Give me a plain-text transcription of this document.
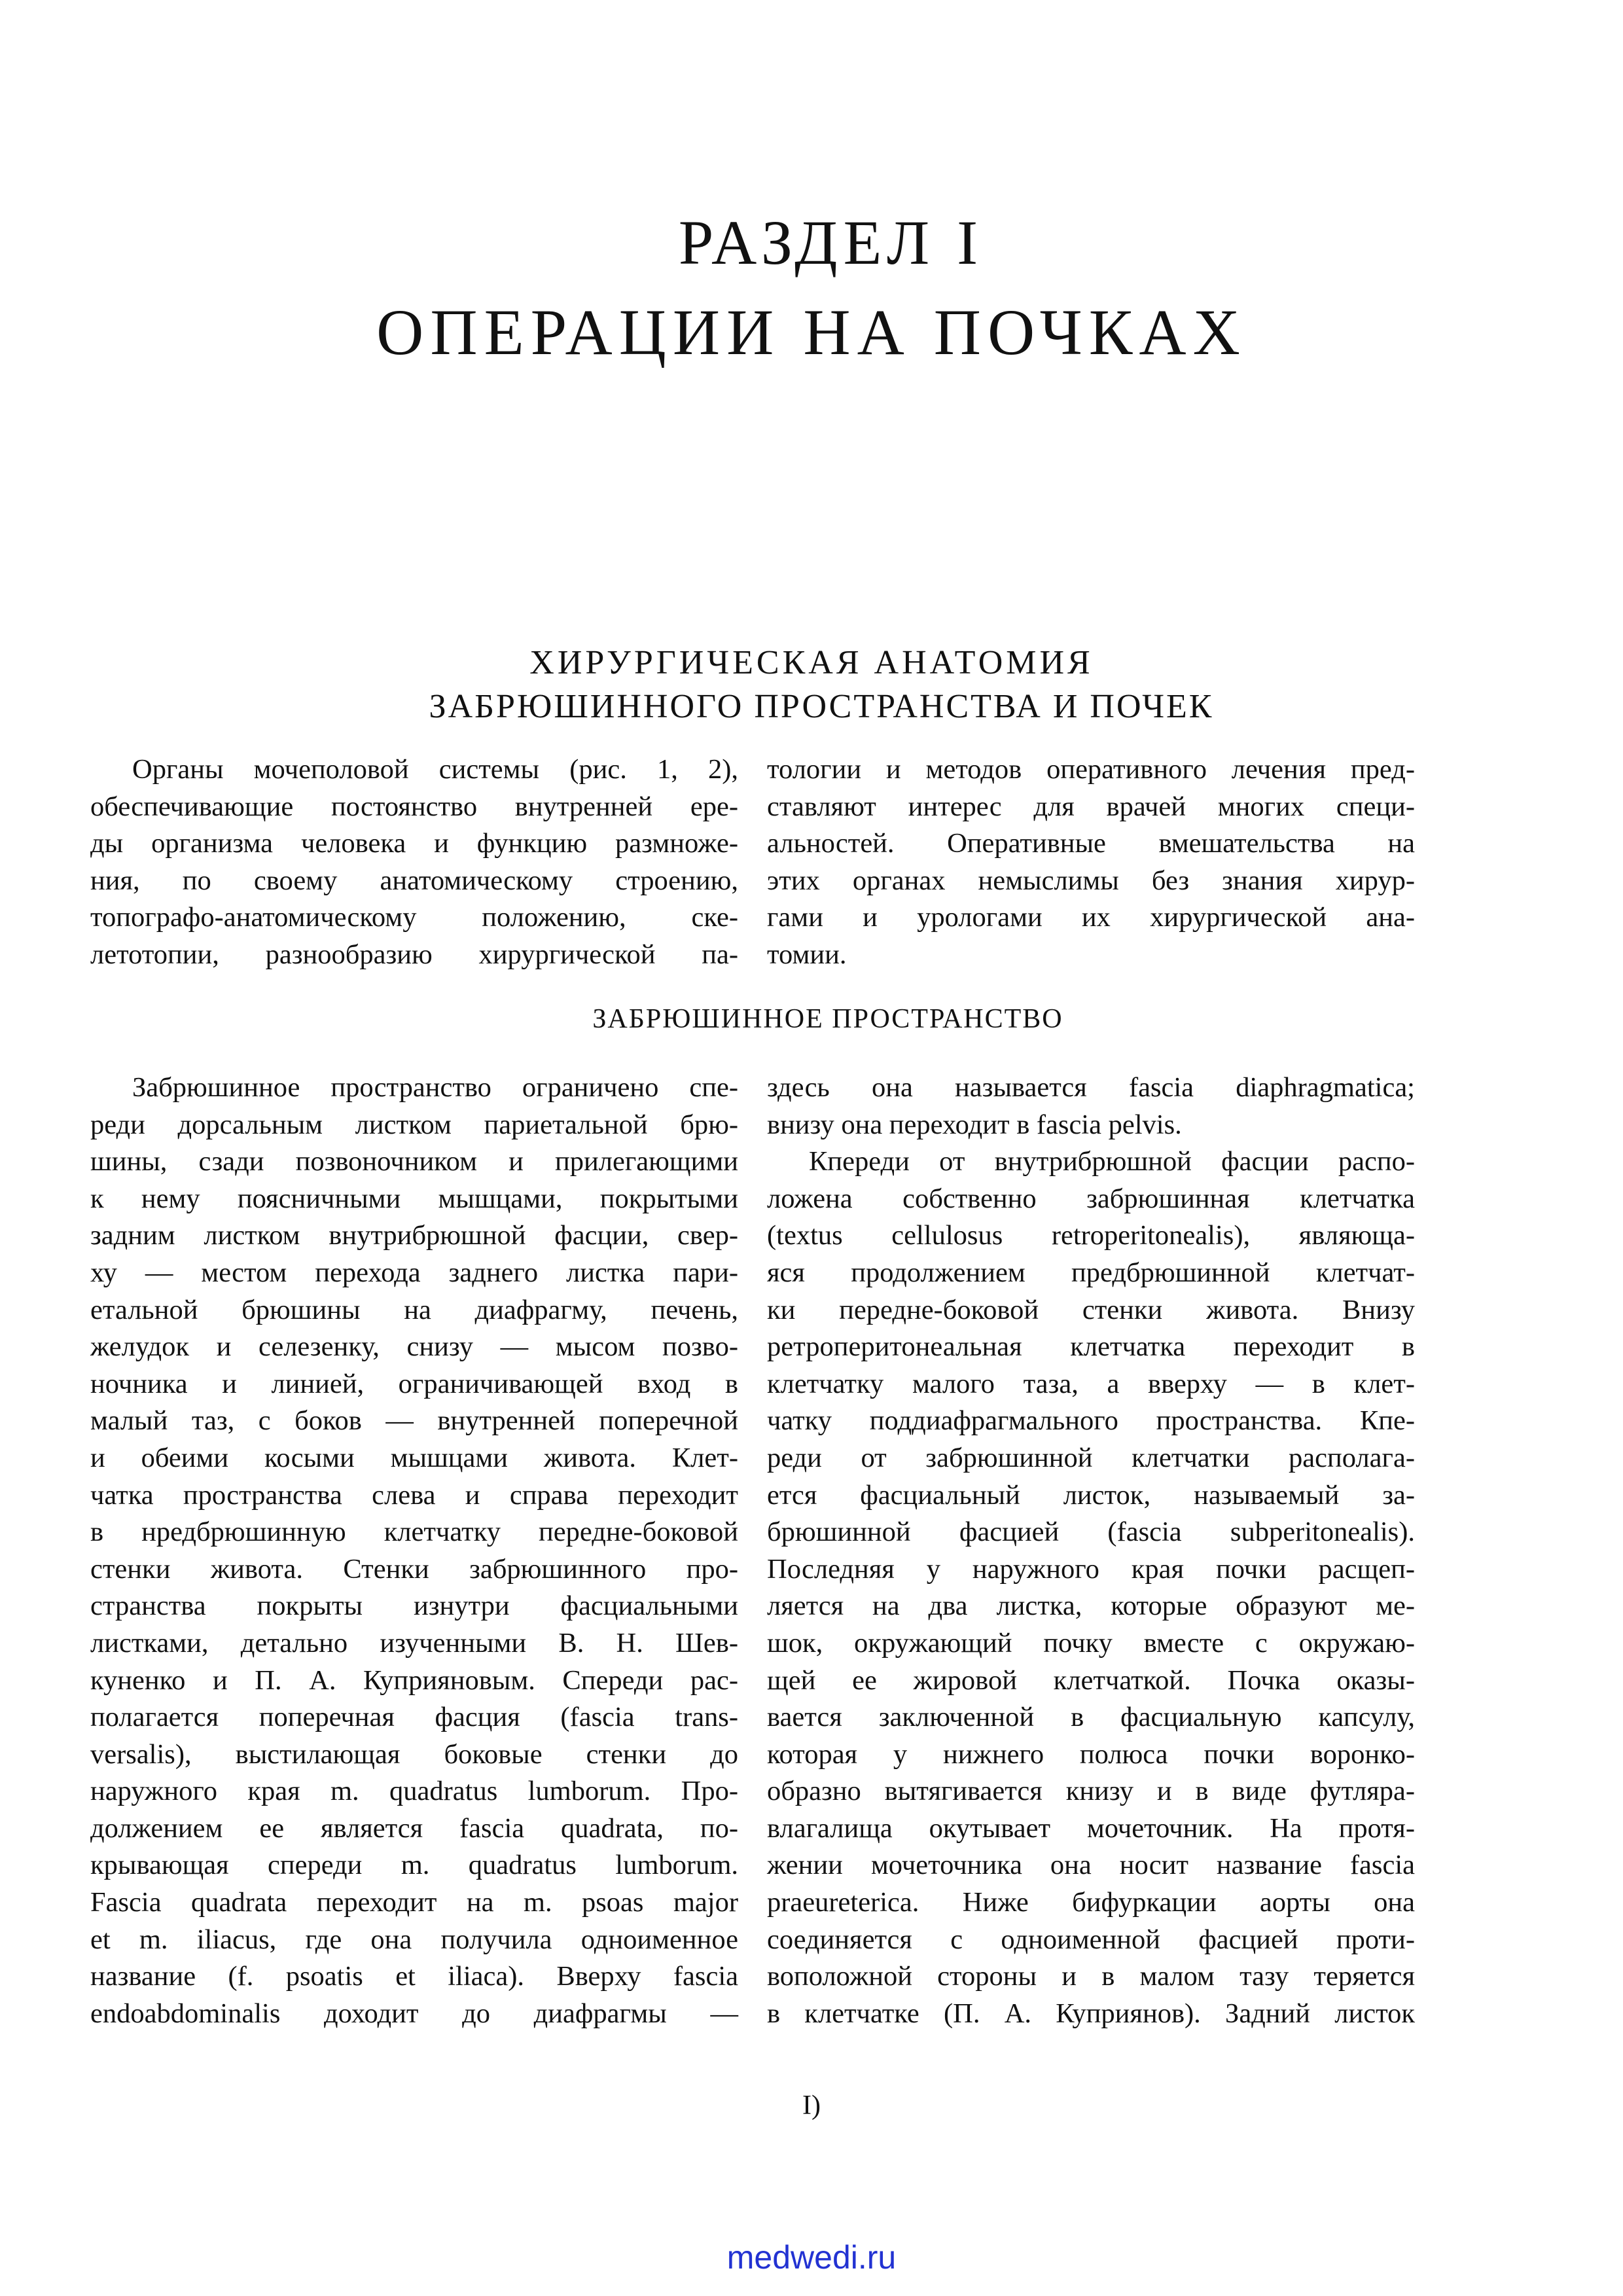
РАЗДЕЛ I
ОПЕРАЦИИ НА ПОЧКАХ
ХИРУРГИЧЕСКАЯ АНАТОМИЯ
ЗАБРЮШИННОГО ПРОСТРАНСТВА И ПОЧЕК
Органы мочеполовой системы (рис. 1, 2),
обеспечивающие постоянство внутренней ере-
ды организма человека и функцию размноже-
ния, по своему анатомическому строению,
топографо-анатомическому положению, ске-
летотопии, разнообразию хирургической па-
тологии и методов оперативного лечения пред-
ставляют интерес для врачей многих специ-
альностей. Оперативные вмешательства на
этих органах немыслимы без знания хирур-
гами и урологами их хирургической ана-
томии.
ЗАБРЮШИННОЕ ПРОСТРАНСТВО
Забрюшинное пространство ограничено спе-
реди дорсальным листком париетальной брю-
шины, сзади позвоночником и прилегающими
к нему поясничными мышцами, покрытыми
задним листком внутрибрюшной фасции, свер-
ху — местом перехода заднего листка пари-
етальной брюшины на диафрагму, печень,
желудок и селезенку, снизу — мысом позво-
ночника и линией, ограничивающей вход в
малый таз, с боков — внутренней поперечной
и обеими косыми мышцами живота. Клет-
чатка пространства слева и справа переходит
в нредбрюшинную клетчатку передне-боковой
стенки живота. Стенки забрюшинного про-
странства покрыты изнутри фасциальными
листками, детально изученными В. Н. Шев-
куненко и П. А. Куприяновым. Спереди рас-
полагается поперечная фасция (fascia trans-
versalis), выстилающая боковые стенки до
наружного края m. quadratus lumborum. Про-
должением ее является fascia quadrata, по-
крывающая спереди m. quadratus lumborum.
Fascia quadrata переходит на m. psoas major
et m. iliacus, где она получила одноименное
название (f. psoatis et iliaca). Вверху fascia
endoabdominalis доходит до диафрагмы —
здесь она называется fascia diaphragmatica;
внизу она переходит в fascia pelvis.
Кпереди от внутрибрюшной фасции распо-
ложена собственно забрюшинная клетчатка
(textus cellulosus retroperitonealis), являюща-
яся продолжением предбрюшинной клетчат-
ки передне-боковой стенки живота. Внизу
ретроперитонеальная клетчатка переходит в
клетчатку малого таза, а вверху — в клет-
чатку поддиафрагмального пространства. Кпе-
реди от забрюшинной клетчатки располага-
ется фасциальный листок, называемый за-
брюшинной фасцией (fascia subperitonealis).
Последняя у наружного края почки расщеп-
ляется на два листка, которые образуют ме-
шок, окружающий почку вместе с окружаю-
щей ее жировой клетчаткой. Почка оказы-
вается заключенной в фасциальную капсулу,
которая у нижнего полюса почки воронко-
образно вытягивается книзу и в виде футляра-
влагалища окутывает мочеточник. На протя-
жении мочеточника она носит название fascia
praeureterica. Ниже бифуркации аорты она
соединяется с одноименной фасцией проти-
воположной стороны и в малом тазу теряется
в клетчатке (П. А. Куприянов). Задний листок
I)
medwedi.ru
